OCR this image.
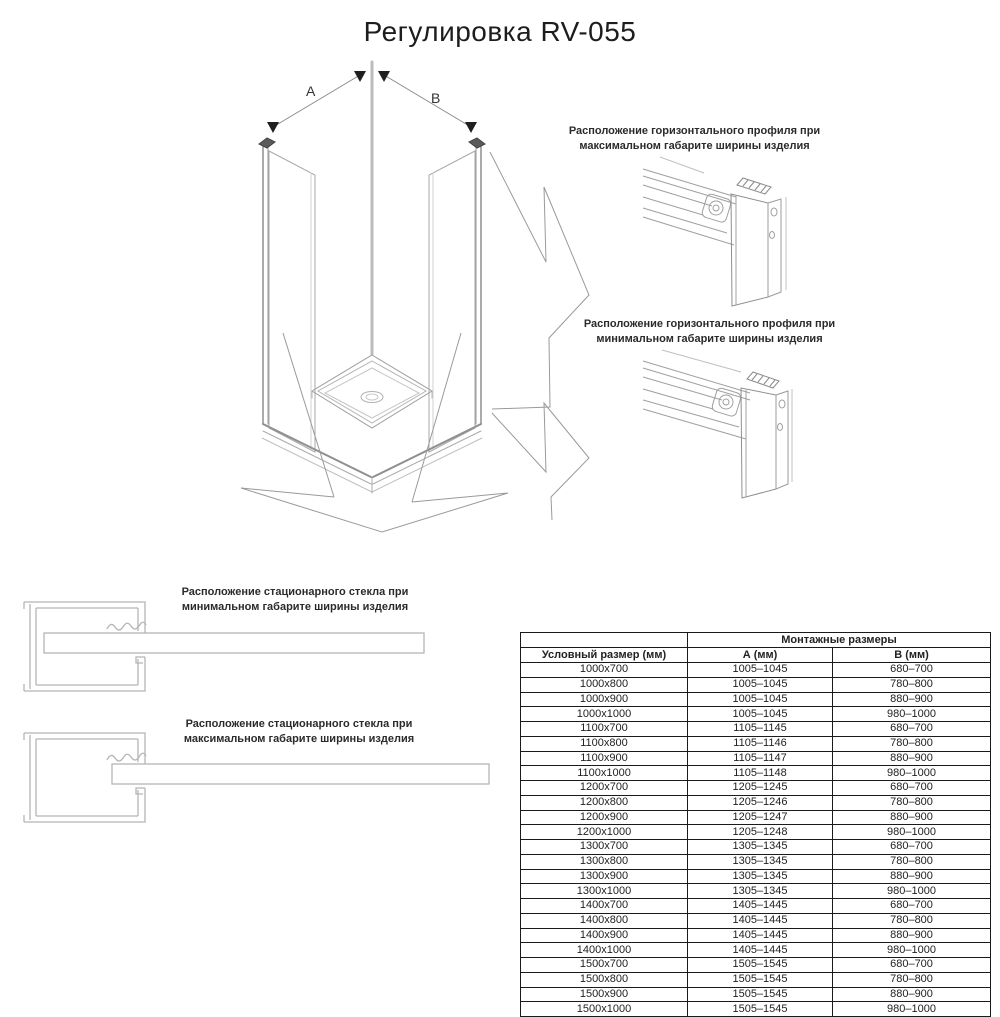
Регулировка RV-055
A	B
Расположение горизонтального профиля при максимальном габарите ширины изделия
Расположение горизонтального профиля при минимальном габарите ширины изделия
Расположение стационарного стекла при минимальном габарите ширины изделия
Расположение стационарного стекла при максимальном габарите ширины изделия
	Монтажные размеры	
Условный размер (мм)	А (мм)	В (мм)
1000x700	1005–1045	680–700
1000x800	1005–1045	780–800
1000x900	1005–1045	880–900
1000x1000	1005–1045	980–1000
1100x700	1105–1145	680–700
1100x800	1105–1146	780–800
1100x900	1105–1147	880–900
1100x1000	1105–1148	980–1000
1200x700	1205–1245	680–700
1200x800	1205–1246	780–800
1200x900	1205–1247	880–900
1200x1000	1205–1248	980–1000
1300x700	1305–1345	680–700
1300x800	1305–1345	780–800
1300x900	1305–1345	880–900
1300x1000	1305–1345	980–1000
1400x700	1405–1445	680–700
1400x800	1405–1445	780–800
1400x900	1405–1445	880–900
1400x1000	1405–1445	980–1000
1500x700	1505–1545	680–700
1500x800	1505–1545	780–800
1500x900	1505–1545	880–900
1500x1000	1505–1545	980–1000
